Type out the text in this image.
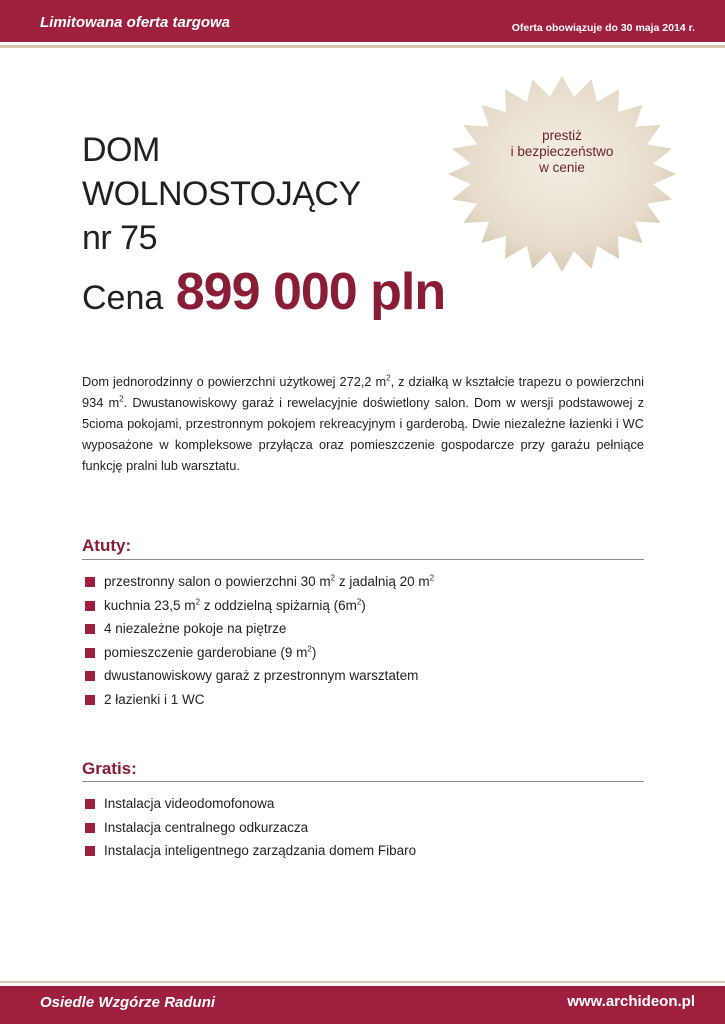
Limitowana oferta targowa	Oferta obowiązuje do 30 maja 2014 r.
DOM
WOLNOSTOJĄCY
nr 75
Cena 899 000 pln
prestiż
i bezpieczeństwo
w cenie
Dom jednorodzinny o powierzchni użytkowej 272,2 $m^2$, z działką w kształcie trapezu o powierzchni 934 $m^2$. Dwustanowiskowy garaż i rewelacyjnie doświetlony salon. Dom w wersji podstawowej z 5cioma pokojami, przestronnym pokojem rekreacyjnym i garderobą. Dwie niezależne łazienki i WC wyposażone w kompleksowe przyłącza oraz pomieszczenie gospodarcze przy garażu pełniące funkcję pralni lub warsztatu.
Atuty:
przestronny salon o powierzchni 30 $m^2$ z jadalnią 20 $m^2$
kuchnia 23,5 $m^2$ z oddzielną spiżarnią $(6m^2)$
4 niezależne pokoje na piętrze
pomieszczenie garderobiane (9 $m^2$)
dwustanowiskowy garaż z przestronnym warsztatem
2 łazienki i 1 WC
Gratis:
Instalacja videodomofonowa
Instalacja centralnego odkurzacza
Instalacja inteligentnego zarządzania domem Fibaro
Osiedle Wzgórze Raduni	www.archideon.pl
